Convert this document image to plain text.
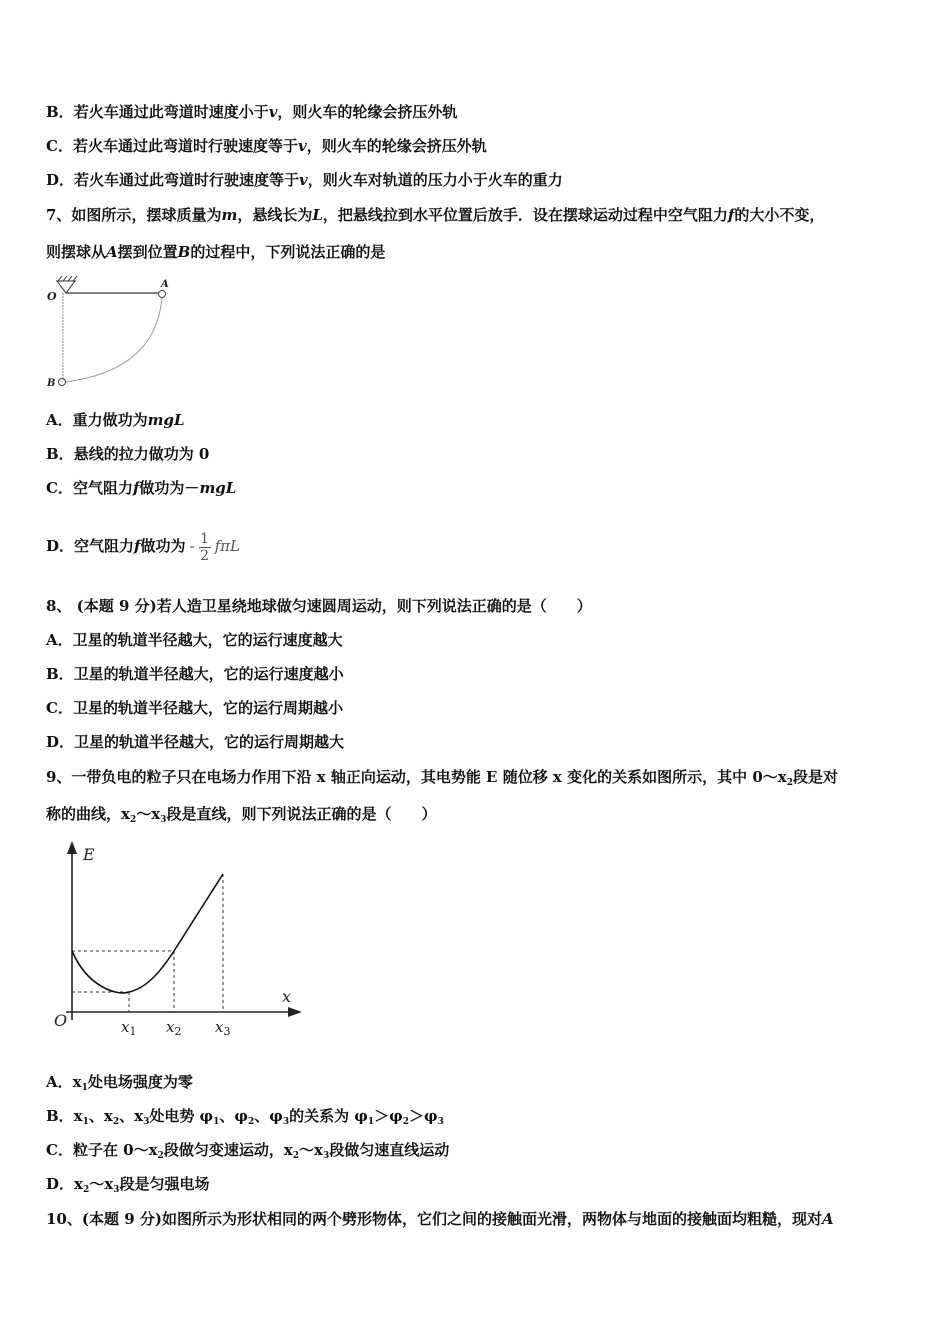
B．若火车通过此弯道时速度小于v，则火车的轮缘会挤压外轨
C．若火车通过此弯道时行驶速度等于v，则火车的轮缘会挤压外轨
D．若火车通过此弯道时行驶速度等于v，则火车对轨道的压力小于火车的重力
7、如图所示，摆球质量为m，悬线长为L，把悬线拉到水平位置后放手．设在摆球运动过程中空气阻力f的大小不变，
则摆球从A摆到位置B的过程中，下列说法正确的是
O
A
B
A．重力做功为mgL
B．悬线的拉力做功为 0
C．空气阻力f做功为－mgL
D．空气阻力f做功为 - $\frac{1}{2}$ fπL
8、 (本题 9 分)若人造卫星绕地球做匀速圆周运动，则下列说法正确的是（　　）
A．卫星的轨道半径越大，它的运行速度越大
B．卫星的轨道半径越大，它的运行速度越小
C．卫星的轨道半径越大，它的运行周期越小
D．卫星的轨道半径越大，它的运行周期越大
9、一带负电的粒子只在电场力作用下沿 x 轴正向运动，其电势能 E 随位移 x 变化的关系如图所示，其中 $0\sim x_2$段是对
称的曲线，$x_2\sim x_3$段是直线，则下列说法正确的是（　　）
E
x
O	$x_1$ $x_2$ $x_3$
A．$x_1$处电场强度为零
B．$x_1$、$x_2$、$x_3$处电势 $\varphi_1$、$\varphi_2$、$\varphi_3$的关系为 $\varphi_1>\varphi_2>\varphi_3$
C．粒子在 $0\sim x_2$段做匀变速运动，$x_2\sim x_3$段做匀速直线运动
D．$x_2\sim x_3$段是匀强电场
10、(本题 9 分)如图所示为形状相同的两个劈形物体，它们之间的接触面光滑，两物体与地面的接触面均粗糙，现对A
